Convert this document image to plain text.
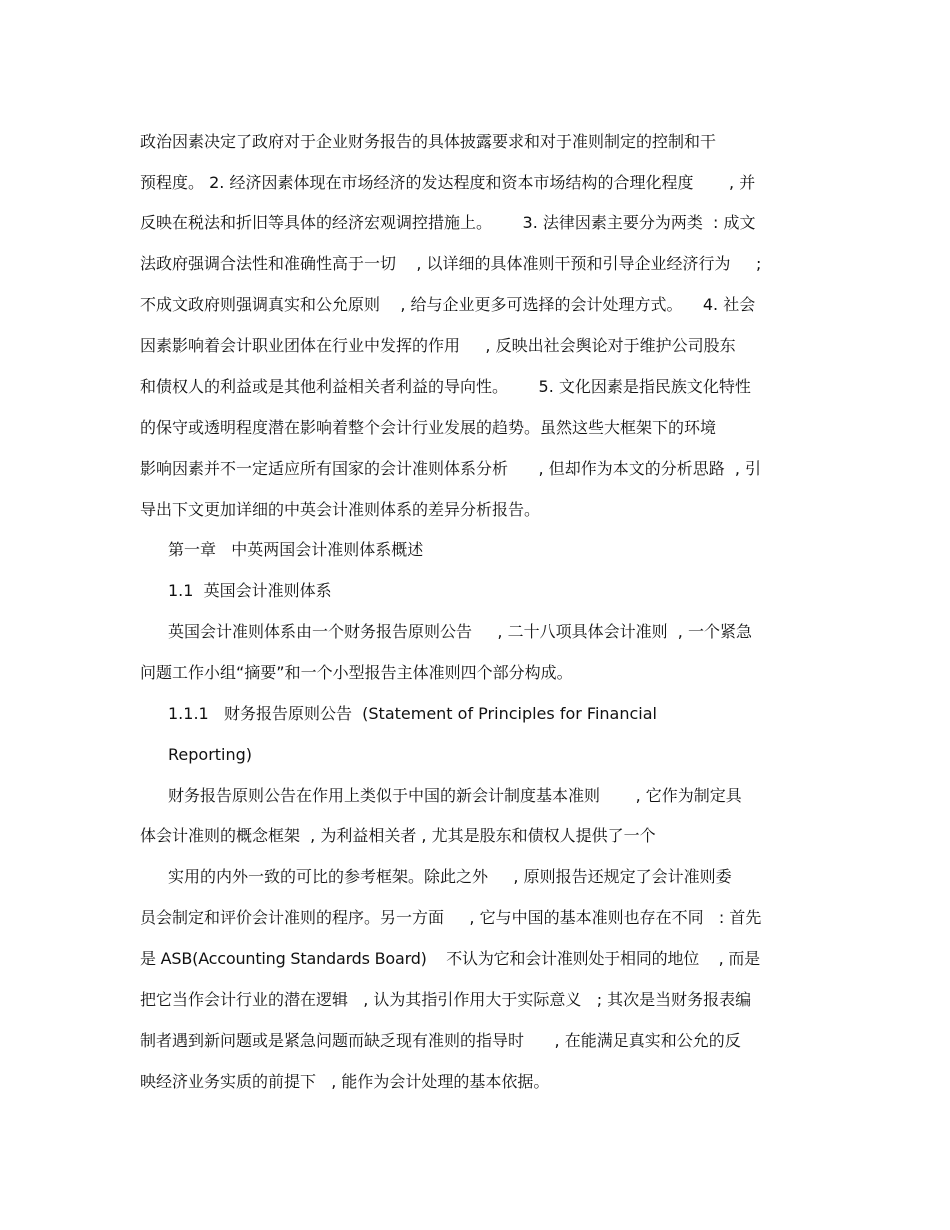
政治因素决定了政府对于企业财务报告的具体披露要求和对于准则制定的控制和干
预程度。 2. 经济因素体现在市场经济的发达程度和资本市场结构的合理化程度       , 并
反映在税法和折旧等具体的经济宏观调控措施上。      3. 法律因素主要分为两类  : 成文
法政府强调合法性和准确性高于一切    , 以详细的具体准则干预和引导企业经济行为     ;
不成文政府则强调真实和公允原则    , 给与企业更多可选择的会计处理方式。    4. 社会
因素影响着会计职业团体在行业中发挥的作用     , 反映出社会舆论对于维护公司股东
和债权人的利益或是其他利益相关者利益的导向性。      5. 文化因素是指民族文化特性
的保守或透明程度潜在影响着整个会计行业发展的趋势。虽然这些大框架下的环境
影响因素并不一定适应所有国家的会计准则体系分析      , 但却作为本文的分析思路  , 引
导出下文更加详细的中英会计准则体系的差异分析报告。
第一章   中英两国会计准则体系概述
1.1  英国会计准则体系
英国会计准则体系由一个财务报告原则公告     , 二十八项具体会计准则  , 一个紧急
问题工作小组“摘要”和一个小型报告主体准则四个部分构成。
1.1.1   财务报告原则公告  (Statement of Principles for Financial
Reporting)
财务报告原则公告在作用上类似于中国的新会计制度基本准则       , 它作为制定具
体会计准则的概念框架  , 为利益相关者 , 尤其是股东和债权人提供了一个
实用的内外一致的可比的参考框架。除此之外     , 原则报告还规定了会计准则委
员会制定和评价会计准则的程序。另一方面     , 它与中国的基本准则也存在不同   : 首先
是 ASB(Accounting Standards Board)    不认为它和会计准则处于相同的地位    , 而是
把它当作会计行业的潜在逻辑   , 认为其指引作用大于实际意义   ; 其次是当财务报表编
制者遇到新问题或是紧急问题而缺乏现有准则的指导时      , 在能满足真实和公允的反
映经济业务实质的前提下   , 能作为会计处理的基本依据。
